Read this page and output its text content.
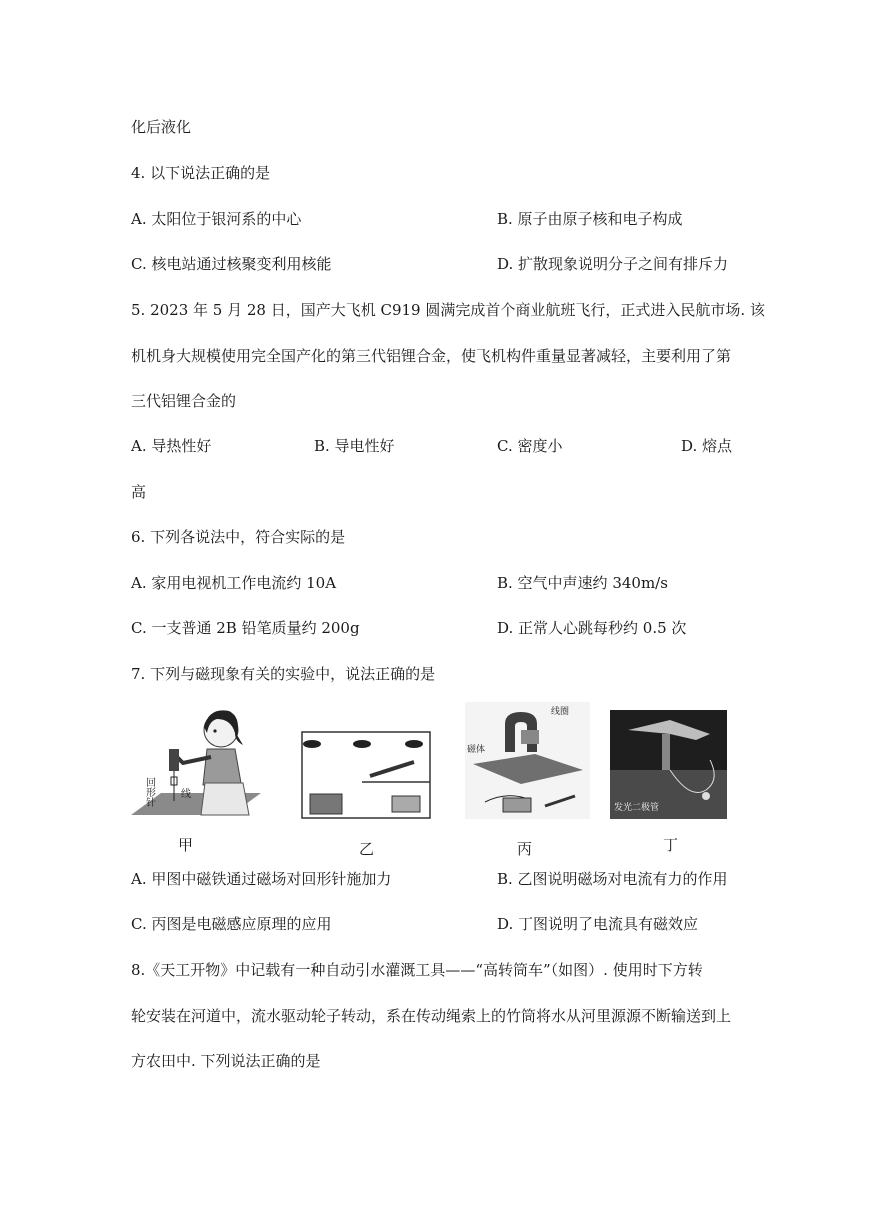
化后液化
4. 以下说法正确的是
A. 太阳位于银河系的中心	B. 原子由原子核和电子构成
C. 核电站通过核聚变利用核能	D. 扩散现象说明分子之间有排斥力
5. 2023 年 5 月 28 日，国产大飞机 C919 圆满完成首个商业航班飞行，正式进入民航市场. 该
机机身大规模使用完全国产化的第三代铝锂合金，使飞机构件重量显著减轻，主要利用了第
三代铝锂合金的
A. 导热性好	B. 导电性好	C. 密度小	D. 熔点
高
6. 下列各说法中，符合实际的是
A. 家用电视机工作电流约 10A	B. 空气中声速约 340m/s
C. 一支普通 2B 铅笔质量约 200g	D. 正常人心跳每秒约 0.5 次
7. 下列与磁现象有关的实验中，说法正确的是
回形针	线
甲	乙
线圈
磁体
丙
发光二极管
丁
A. 甲图中磁铁通过磁场对回形针施加力	B. 乙图说明磁场对电流有力的作用
C. 丙图是电磁感应原理的应用	D. 丁图说明了电流具有磁效应
8.《天工开物》中记载有一种自动引水灌溉工具——“高转筒车”（如图）. 使用时下方转
轮安装在河道中，流水驱动轮子转动，系在传动绳索上的竹筒将水从河里源源不断输送到上
方农田中. 下列说法正确的是
